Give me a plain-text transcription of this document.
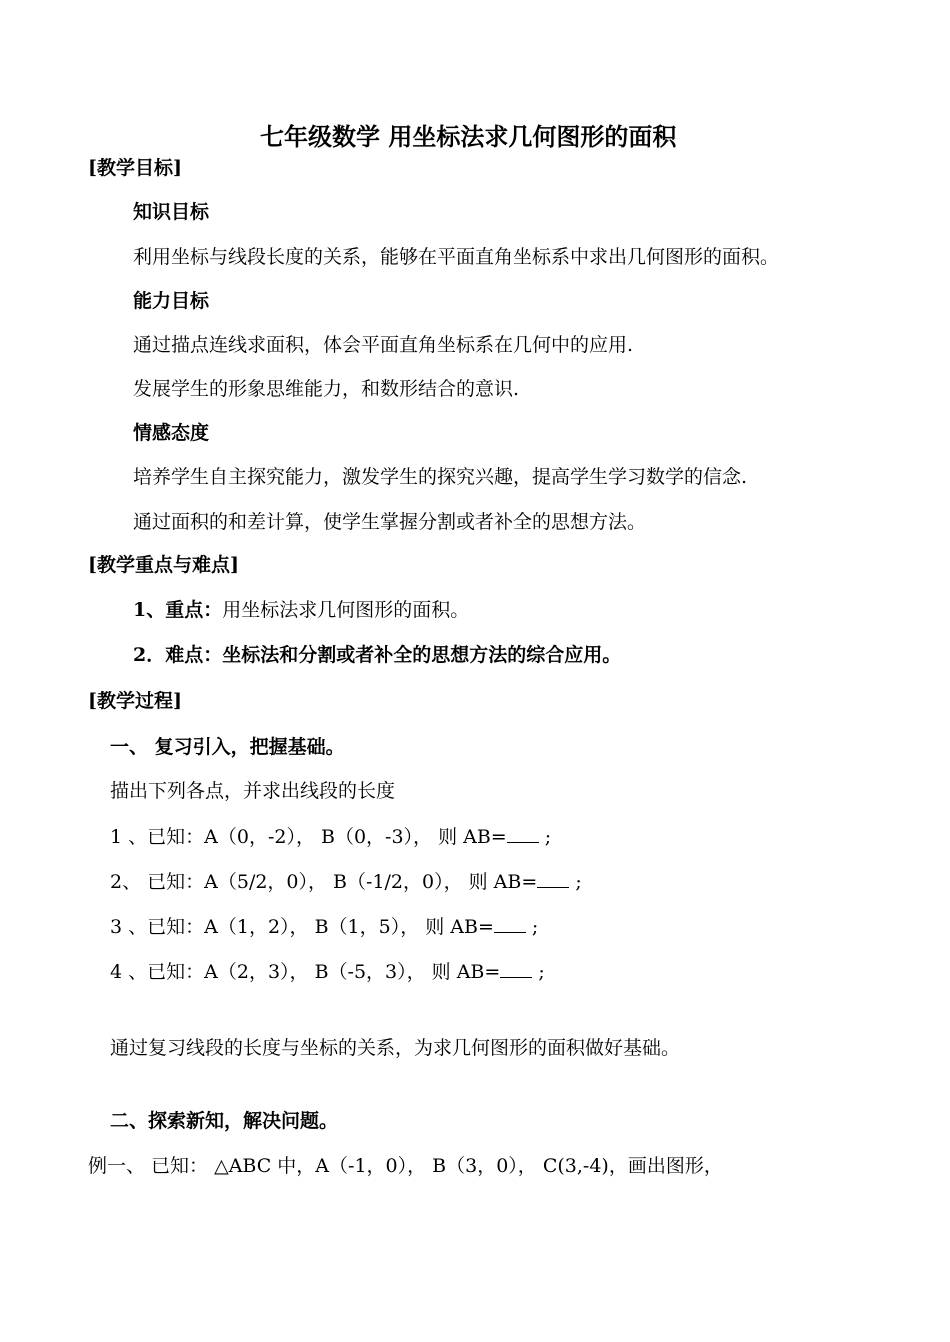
七年级数学 用坐标法求几何图形的面积
[教学目标]
知识目标
利用坐标与线段长度的关系，能够在平面直角坐标系中求出几何图形的面积。
能力目标
通过描点连线求面积，体会平面直角坐标系在几何中的应用.
发展学生的形象思维能力，和数形结合的意识.
情感态度
培养学生自主探究能力，激发学生的探究兴趣，提高学生学习数学的信念.
通过面积的和差计算，使学生掌握分割或者补全的思想方法。
[教学重点与难点]
1、重点：用坐标法求几何图形的面积。
2．难点：坐标法和分割或者补全的思想方法的综合应用。
[教学过程]
一、 复习引入，把握基础。
描出下列各点，并求出线段的长度
1 、已知：A（0，-2）， B（0，-3）， 则 AB= ;
2、 已知：A（5/2，0）， B（-1/2，0）， 则 AB= ;
3 、已知：A（1，2）， B（1，5）， 则 AB= ;
4 、已知：A（2，3）， B（-5，3）， 则 AB= ;
通过复习线段的长度与坐标的关系，为求几何图形的面积做好基础。
二、探索新知，解决问题。
例一、 已知： △ABC 中，A（-1，0）， B（3，0）， C(3,-4)，画出图形，
